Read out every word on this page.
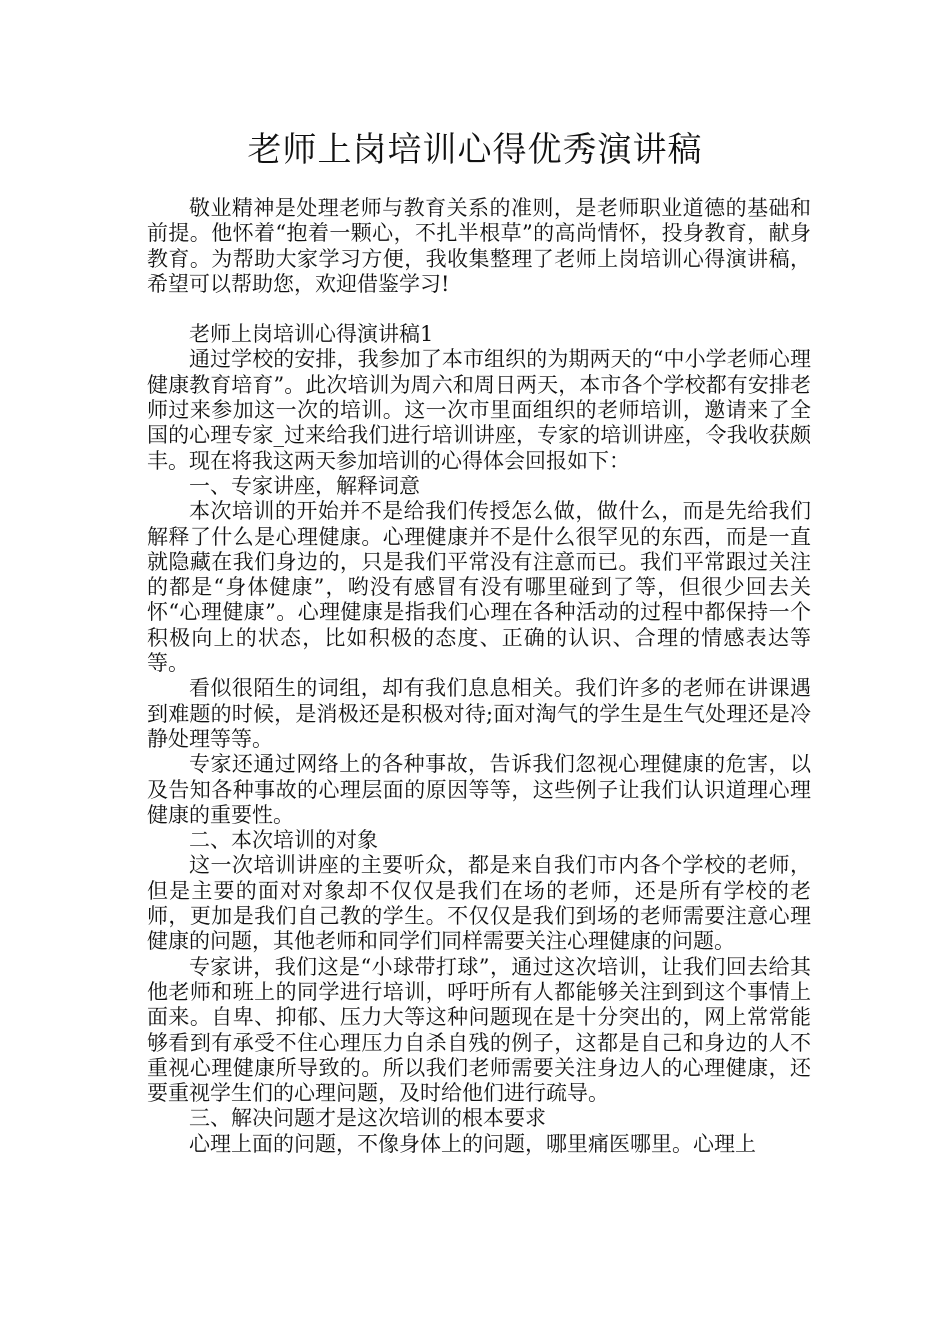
老师上岗培训心得优秀演讲稿

敬业精神是处理老师与教育关系的准则，是老师职业道德的基础和前提。他怀着“抱着一颗心，不扎半根草”的高尚情怀，投身教育，献身教育。为帮助大家学习方便，我收集整理了老师上岗培训心得演讲稿，希望可以帮助您，欢迎借鉴学习!

老师上岗培训心得演讲稿1

通过学校的安排，我参加了本市组织的为期两天的“中小学老师心理健康教育培育”。此次培训为周六和周日两天，本市各个学校都有安排老师过来参加这一次的培训。这一次市里面组织的老师培训，邀请来了全国的心理专家_过来给我们进行培训讲座，专家的培训讲座，令我收获颇丰。现在将我这两天参加培训的心得体会回报如下：

一、专家讲座，解释词意

本次培训的开始并不是给我们传授怎么做，做什么，而是先给我们解释了什么是心理健康。心理健康并不是什么很罕见的东西，而是一直就隐藏在我们身边的，只是我们平常没有注意而已。我们平常跟过关注的都是“身体健康”，哟没有感冒有没有哪里碰到了等，但很少回去关怀“心理健康”。心理健康是指我们心理在各种活动的过程中都保持一个积极向上的状态，比如积极的态度、正确的认识、合理的情感表达等等。

看似很陌生的词组，却有我们息息相关。我们许多的老师在讲课遇到难题的时候，是消极还是积极对待;面对淘气的学生是生气处理还是冷静处理等等。

专家还通过网络上的各种事故，告诉我们忽视心理健康的危害，以及告知各种事故的心理层面的原因等等，这些例子让我们认识道理心理健康的重要性。

二、本次培训的对象

这一次培训讲座的主要听众，都是来自我们市内各个学校的老师，但是主要的面对对象却不仅仅是我们在场的老师，还是所有学校的老师，更加是我们自己教的学生。不仅仅是我们到场的老师需要注意心理健康的问题，其他老师和同学们同样需要关注心理健康的问题。

专家讲，我们这是“小球带打球”，通过这次培训，让我们回去给其他老师和班上的同学进行培训，呼吁所有人都能够关注到到这个事情上面来。自卑、抑郁、压力大等这种问题现在是十分突出的，网上常常能够看到有承受不住心理压力自杀自残的例子，这都是自己和身边的人不重视心理健康所导致的。所以我们老师需要关注身边人的心理健康，还要重视学生们的心理问题，及时给他们进行疏导。

三、解决问题才是这次培训的根本要求

心理上面的问题，不像身体上的问题，哪里痛医哪里。心理上
